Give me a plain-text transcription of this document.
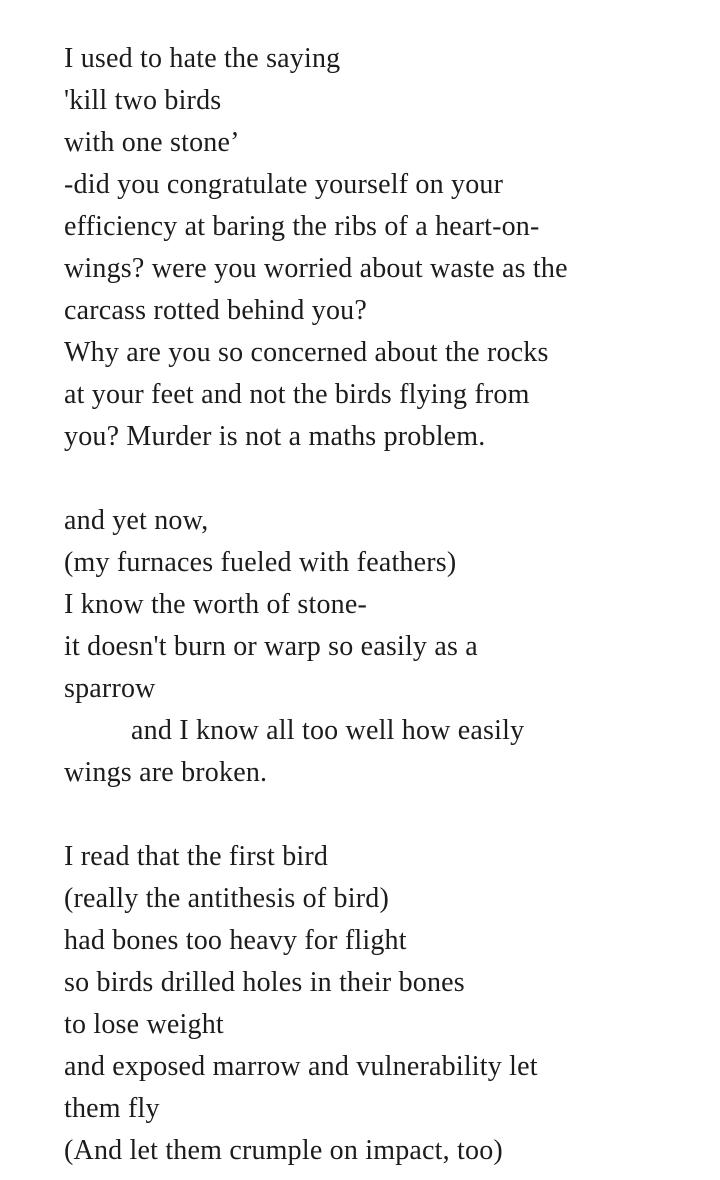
I used to hate the saying
'kill two birds
with one stone’
-did you congratulate yourself on your
efficiency at baring the ribs of a heart-on-
wings? were you worried about waste as the
carcass rotted behind you?
Why are you so concerned about the rocks
at your feet and not the birds flying from
you? Murder is not a maths problem.

and yet now,
(my furnaces fueled with feathers)
I know the worth of stone-
it doesn't burn or warp so easily as a
sparrow
and I know all too well how easily
wings are broken.

I read that the first bird
(really the antithesis of bird)
had bones too heavy for flight
so birds drilled holes in their bones
to lose weight
and exposed marrow and vulnerability let
them fly
(And let them crumple on impact, too)
